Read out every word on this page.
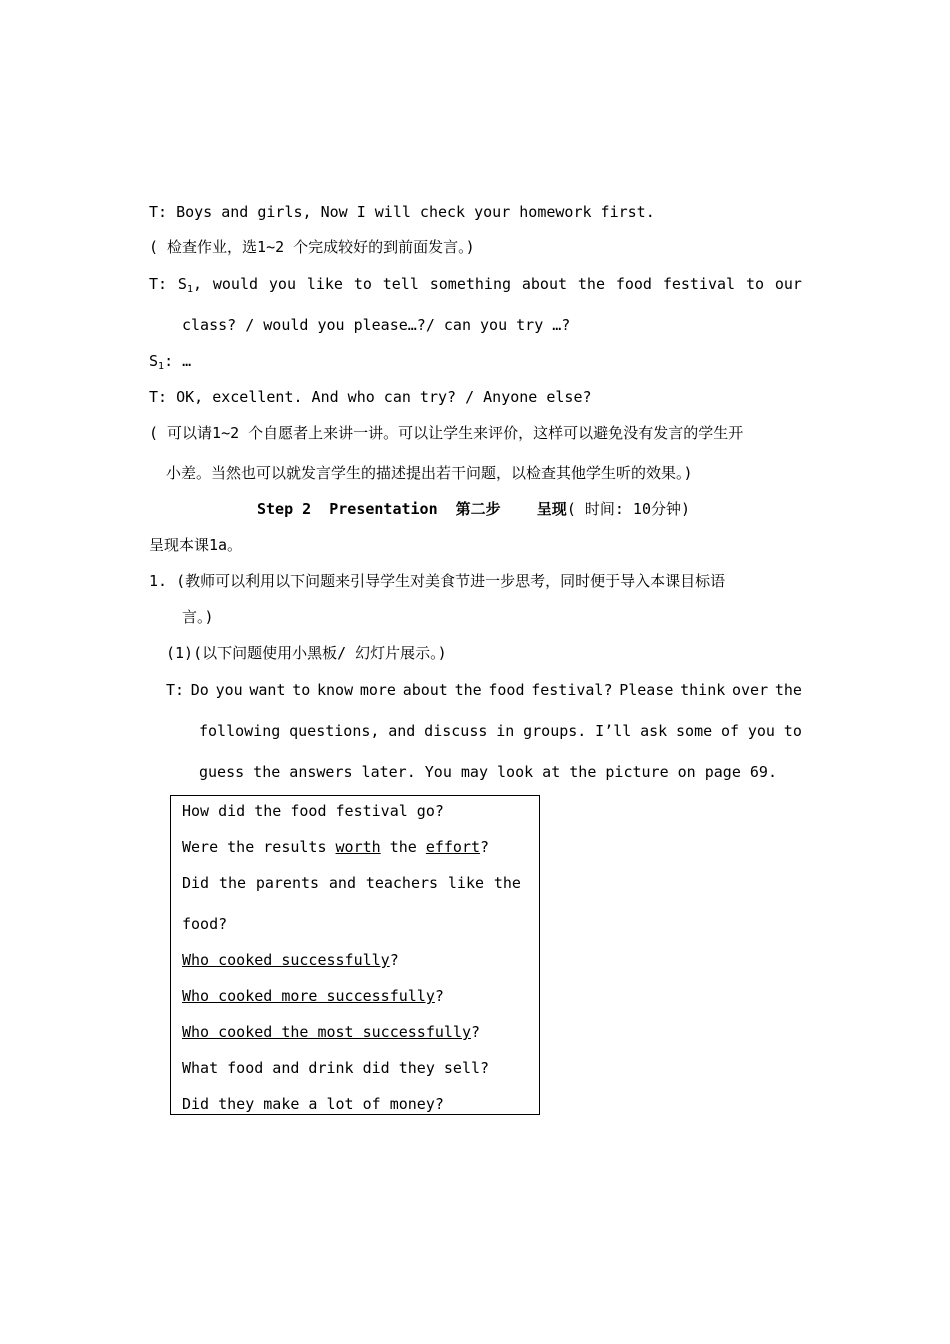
T: Boys and girls, Now I will check your homework first.
( 检查作业，选1~2 个完成较好的到前面发言。)
T: $S_1$, would you like to tell something about the food festival to our
class? / would you please…?/ can you try …?
$S_1$: …
T: OK, excellent. And who can try? / Anyone else?
( 可以请1~2 个自愿者上来讲一讲。可以让学生来评价，这样可以避免没有发言的学生开
小差。当然也可以就发言学生的描述提出若干问题，以检查其他学生听的效果。)
Step 2  Presentation  第二步    呈现( 时间: 10分钟)
呈现本课1a。
1. (教师可以利用以下问题来引导学生对美食节进一步思考，同时便于导入本课目标语
言。)
(1)(以下问题使用小黑板/ 幻灯片展示。)
T: Do you want to know more about the food festival? Please think over the
following questions, and discuss in groups. I’ll ask some of you to
guess the answers later. You may look at the picture on page 69.
How did the food festival go?
Were the results worth the effort?
Did the parents and teachers like the
food?
Who cooked successfully?
Who cooked more successfully?
Who cooked the most successfully?
What food and drink did they sell?
Did they make a lot of money?
